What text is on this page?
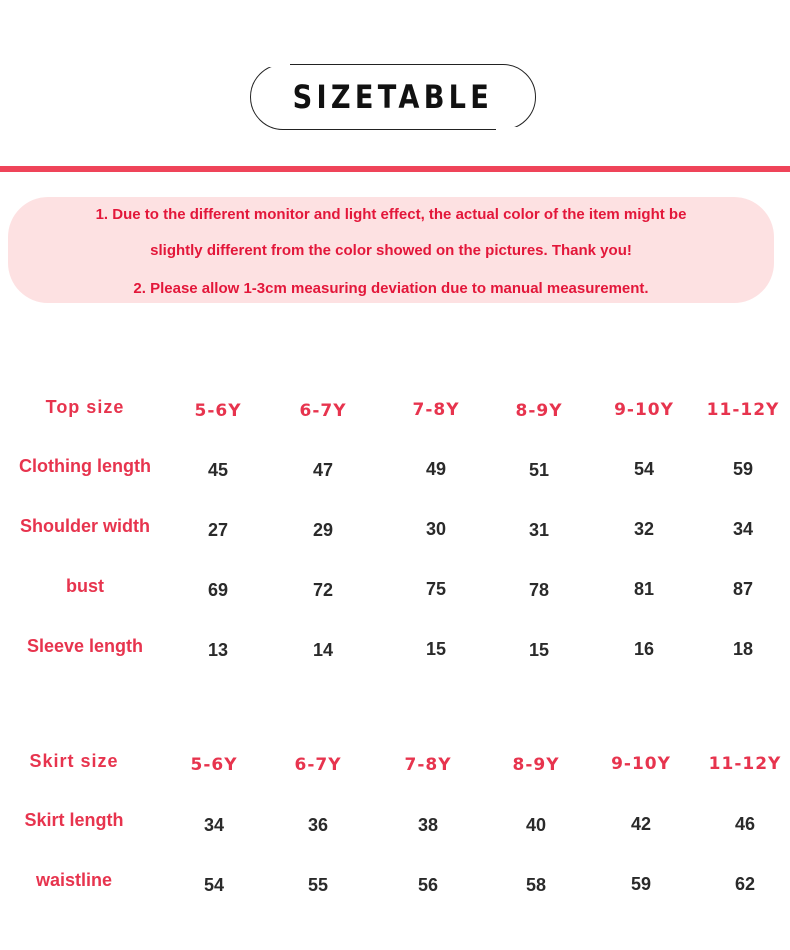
SIZETABLE
1. Due to the different monitor and light effect, the actual color of the item might be
slightly different from the color showed on the pictures. Thank you!
2. Please allow 1-3cm measuring deviation due to manual measurement.
Top size	5-6Y	6-7Y	7-8Y	8-9Y	9-10Y	11-12Y
Clothing length	45	47	49	51	54	59
Shoulder width	27	29	30	31	32	34
bust	69	72	75	78	81	87
Sleeve length	13	14	15	15	16	18
Skirt size	5-6Y	6-7Y	7-8Y	8-9Y	9-10Y	11-12Y
Skirt length	34	36	38	40	42	46
waistline	54	55	56	58	59	62
